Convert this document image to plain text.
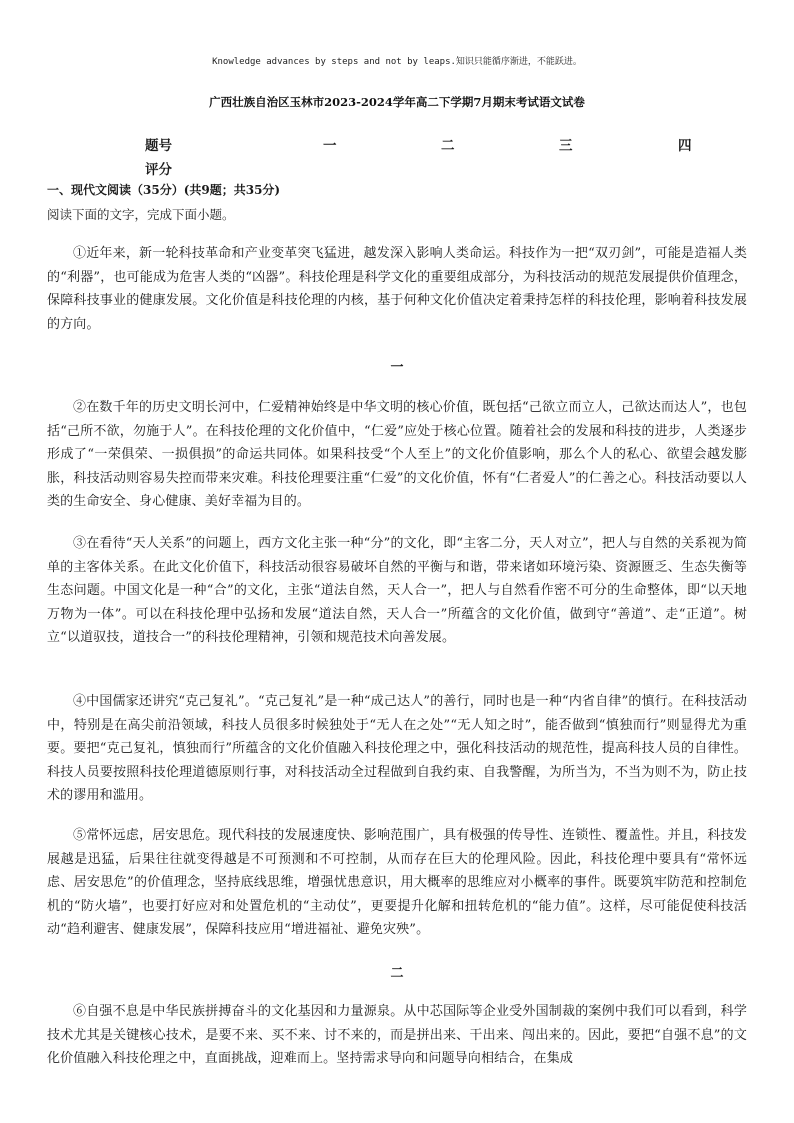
Knowledge advances by steps and not by leaps.知识只能循序渐进，不能跃进。
广西壮族自治区玉林市2023-2024学年高二下学期7月期末考试语文试卷
题号	一	二	三	四
评分
一、现代文阅读（35分）(共9题；共35分)
阅读下面的文字，完成下面小题。
①近年来，新一轮科技革命和产业变革突飞猛进，越发深入影响人类命运。科技作为一把“双刃剑”，可能是造福人类的“利器”，也可能成为危害人类的“凶器”。科技伦理是科学文化的重要组成部分，为科技活动的规范发展提供价值理念，保障科技事业的健康发展。文化价值是科技伦理的内核，基于何种文化价值决定着秉持怎样的科技伦理，影响着科技发展的方向。
一
②在数千年的历史文明长河中，仁爱精神始终是中华文明的核心价值，既包括“己欲立而立人，己欲达而达人”，也包括“己所不欲，勿施于人”。在科技伦理的文化价值中，“仁爱”应处于核心位置。随着社会的发展和科技的进步，人类逐步形成了“一荣俱荣、一损俱损”的命运共同体。如果科技受“个人至上”的文化价值影响，那么个人的私心、欲望会越发膨胀，科技活动则容易失控而带来灾难。科技伦理要注重“仁爱”的文化价值，怀有“仁者爱人”的仁善之心。科技活动要以人类的生命安全、身心健康、美好幸福为目的。
③在看待“天人关系”的问题上，西方文化主张一种“分”的文化，即“主客二分，天人对立”，把人与自然的关系视为简单的主客体关系。在此文化价值下，科技活动很容易破坏自然的平衡与和谐，带来诸如环境污染、资源匮乏、生态失衡等生态问题。中国文化是一种“合”的文化，主张“道法自然，天人合一”，把人与自然看作密不可分的生命整体，即“以天地万物为一体”。可以在科技伦理中弘扬和发展“道法自然，天人合一”所蕴含的文化价值，做到守“善道”、走“正道”。树立“以道驭技，道技合一”的科技伦理精神，引领和规范技术向善发展。
④中国儒家还讲究“克己复礼”。“克己复礼”是一种“成己达人”的善行，同时也是一种“内省自律”的慎行。在科技活动中，特别是在高尖前沿领域，科技人员很多时候独处于“无人在之处”“无人知之时”，能否做到“慎独而行”则显得尤为重要。要把“克己复礼，慎独而行”所蕴含的文化价值融入科技伦理之中，强化科技活动的规范性，提高科技人员的自律性。科技人员要按照科技伦理道德原则行事，对科技活动全过程做到自我约束、自我警醒，为所当为，不当为则不为，防止技术的谬用和滥用。
⑤常怀远虑，居安思危。现代科技的发展速度快、影响范围广，具有极强的传导性、连锁性、覆盖性。并且，科技发展越是迅猛，后果往往就变得越是不可预测和不可控制，从而存在巨大的伦理风险。因此，科技伦理中要具有“常怀远虑、居安思危”的价值理念，坚持底线思维，增强忧患意识，用大概率的思维应对小概率的事件。既要筑牢防范和控制危机的“防火墙”，也要打好应对和处置危机的“主动仗”，更要提升化解和扭转危机的“能力值”。这样，尽可能促使科技活动“趋利避害、健康发展”，保障科技应用“增进福祉、避免灾殃”。
二
⑥自强不息是中华民族拼搏奋斗的文化基因和力量源泉。从中芯国际等企业受外国制裁的案例中我们可以看到，科学技术尤其是关键核心技术，是要不来、买不来、讨不来的，而是拼出来、干出来、闯出来的。因此，要把“自强不息”的文化价值融入科技伦理之中，直面挑战，迎难而上。坚持需求导向和问题导向相结合，在集成
